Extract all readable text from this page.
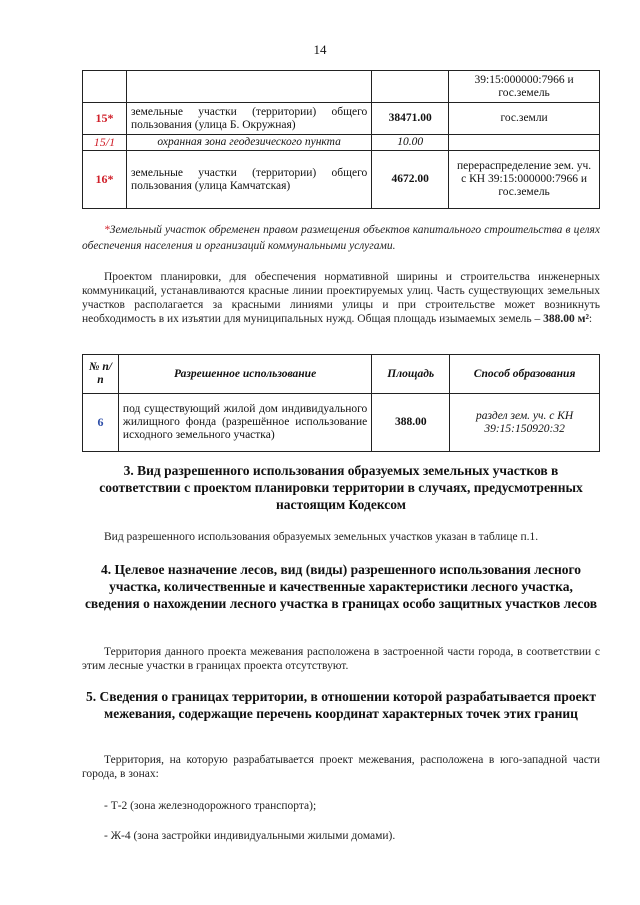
14
			39:15:000000:7966 и гос.земель
15*	земельные участки (территории) общего пользования (улица Б. Окружная)	38471.00	гос.земли
15/1	охранная зона геодезического пункта	10.00	
16*	земельные участки (территории) общего пользования (улица Камчатская)	4672.00	перераспределение зем. уч. с КН 39:15:000000:7966 и гос.земель
*Земельный участок обременен правом размещения объектов капитального строительства в целях обеспечения населения и организаций коммунальными услугами.
Проектом планировки, для обеспечения нормативной ширины и строительства инженерных коммуникаций, устанавливаются красные линии проектируемых улиц. Часть существующих земельных участков располагается за красными линиями улицы и при строительстве может возникнуть необходимость в их изъятии для муниципальных нужд. Общая площадь изымаемых земель – 388.00 м²:
№ п/п	Разрешенное использование	Площадь	Способ образования
6	под существующий жилой дом индивидуального жилищного фонда (разрешённое использование исходного земельного участка)	388.00	раздел зем. уч. с КН 39:15:150920:32
3. Вид разрешенного использования образуемых земельных участков в соответствии с проектом планировки территории в случаях, предусмотренных настоящим Кодексом
Вид разрешенного использования образуемых земельных участков указан в таблице п.1.
4. Целевое назначение лесов, вид (виды) разрешенного использования лесного участка, количественные и качественные характеристики лесного участка, сведения о нахождении лесного участка в границах особо защитных участков лесов
Территория данного проекта межевания расположена в застроенной части города, в соответствии с этим лесные участки в границах проекта отсутствуют.
5. Сведения о границах территории, в отношении которой разрабатывается проект межевания, содержащие перечень координат характерных точек этих границ
Территория, на которую разрабатывается проект межевания, расположена в юго-западной части города, в зонах:
- Т-2 (зона железнодорожного транспорта);
- Ж-4 (зона застройки индивидуальными жилыми домами).
